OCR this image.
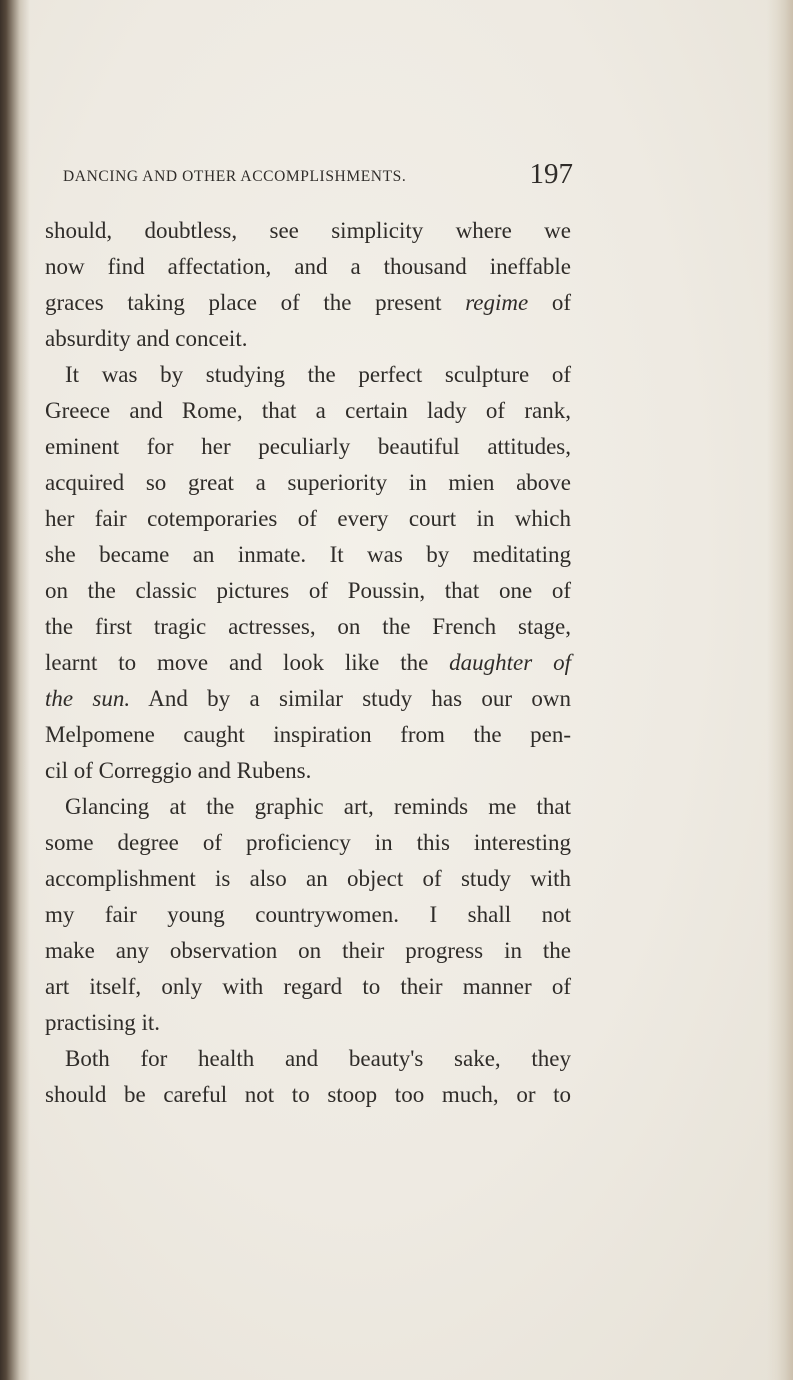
DANCING AND OTHER ACCOMPLISHMENTS.	197
should, doubtless, see simplicity where we
now find affectation, and a thousand ineffable
graces taking place of the present regime of
absurdity and conceit.
It was by studying the perfect sculpture of
Greece and Rome, that a certain lady of rank,
eminent for her peculiarly beautiful attitudes,
acquired so great a superiority in mien above
her fair cotemporaries of every court in which
she became an inmate. It was by meditating
on the classic pictures of Poussin, that one of
the first tragic actresses, on the French stage,
learnt to move and look like the daughter of
the sun. And by a similar study has our own
Melpomene caught inspiration from the pen-
cil of Correggio and Rubens.
Glancing at the graphic art, reminds me that
some degree of proficiency in this interesting
accomplishment is also an object of study with
my fair young countrywomen. I shall not
make any observation on their progress in the
art itself, only with regard to their manner of
practising it.
Both for health and beauty's sake, they
should be careful not to stoop too much, or to
